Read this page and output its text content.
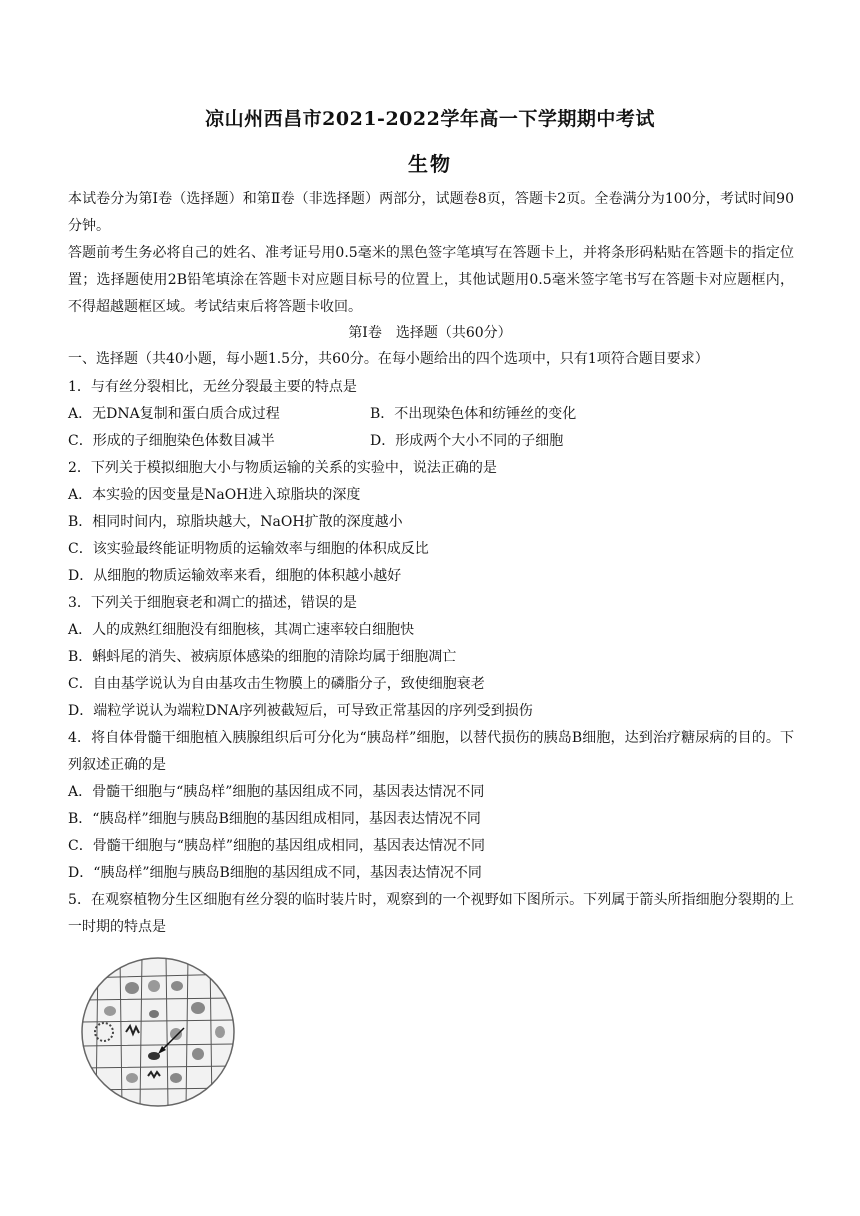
凉山州西昌市2021-2022学年高一下学期期中考试
生物
本试卷分为第Ⅰ卷（选择题）和第Ⅱ卷（非选择题）两部分，试题卷8页，答题卡2页。全卷满分为100分，考试时间90分钟。
答题前考生务必将自己的姓名、准考证号用0.5毫米的黑色签字笔填写在答题卡上，并将条形码粘贴在答题卡的指定位置；选择题使用2B铅笔填涂在答题卡对应题目标号的位置上，其他试题用0.5毫米签字笔书写在答题卡对应题框内，不得超越题框区域。考试结束后将答题卡收回。
第Ⅰ卷　选择题（共60分）
一、选择题（共40小题，每小题1.5分，共60分。在每小题给出的四个选项中，只有1项符合题目要求）
1．与有丝分裂相比，无丝分裂最主要的特点是
A．无DNA复制和蛋白质合成过程	B．不出现染色体和纺锤丝的变化
C．形成的子细胞染色体数目减半	D．形成两个大小不同的子细胞
2．下列关于模拟细胞大小与物质运输的关系的实验中，说法正确的是
A．本实验的因变量是NaOH进入琼脂块的深度
B．相同时间内，琼脂块越大，NaOH扩散的深度越小
C．该实验最终能证明物质的运输效率与细胞的体积成反比
D．从细胞的物质运输效率来看，细胞的体积越小越好
3．下列关于细胞衰老和凋亡的描述，错误的是
A．人的成熟红细胞没有细胞核，其凋亡速率较白细胞快
B．蝌蚪尾的消失、被病原体感染的细胞的清除均属于细胞凋亡
C．自由基学说认为自由基攻击生物膜上的磷脂分子，致使细胞衰老
D．端粒学说认为端粒DNA序列被截短后，可导致正常基因的序列受到损伤
4．将自体骨髓干细胞植入胰腺组织后可分化为“胰岛样”细胞，以替代损伤的胰岛B细胞，达到治疗糖尿病的目的。下列叙述正确的是
A．骨髓干细胞与“胰岛样”细胞的基因组成不同，基因表达情况不同
B．“胰岛样”细胞与胰岛B细胞的基因组成相同，基因表达情况不同
C．骨髓干细胞与“胰岛样”细胞的基因组成相同，基因表达情况不同
D．“胰岛样”细胞与胰岛B细胞的基因组成不同，基因表达情况不同
5．在观察植物分生区细胞有丝分裂的临时装片时，观察到的一个视野如下图所示。下列属于箭头所指细胞分裂期的上一时期的特点是
